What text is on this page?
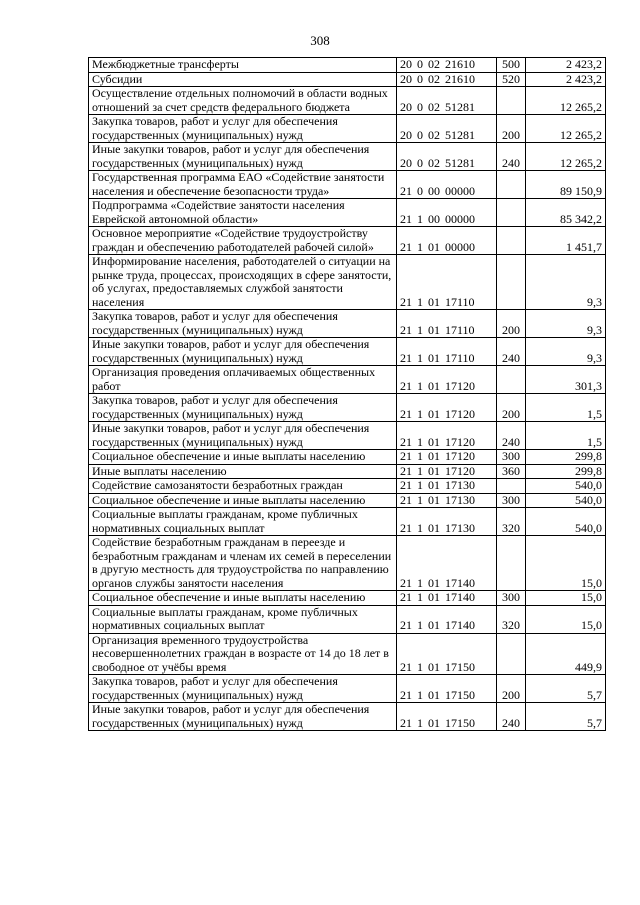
308
Межбюджетные трансферты	20 0 02 21610	500	2 423,2
Субсидии	20 0 02 21610	520	2 423,2
Осуществление отдельных полномочий в области водных отношений за счет средств федерального бюджета	20 0 02 51281		12 265,2
Закупка товаров, работ и услуг для обеспечения государственных (муниципальных) нужд	20 0 02 51281	200	12 265,2
Иные закупки товаров, работ и услуг для обеспечения государственных (муниципальных) нужд	20 0 02 51281	240	12 265,2
Государственная программа ЕАО «Содействие занятости населения и обеспечение безопасности труда»	21 0 00 00000		89 150,9
Подпрограмма «Содействие занятости населения Еврейской автономной области»	21 1 00 00000		85 342,2
Основное мероприятие «Содействие трудоустройству граждан и обеспечению работодателей рабочей силой»	21 1 01 00000		1 451,7
Информирование населения, работодателей о ситуации на рынке труда, процессах, происходящих в сфере занятости, об услугах, предоставляемых службой занятости населения	21 1 01 17110		9,3
Закупка товаров, работ и услуг для обеспечения государственных (муниципальных) нужд	21 1 01 17110	200	9,3
Иные закупки товаров, работ и услуг для обеспечения государственных (муниципальных) нужд	21 1 01 17110	240	9,3
Организация проведения оплачиваемых общественных работ	21 1 01 17120		301,3
Закупка товаров, работ и услуг для обеспечения государственных (муниципальных) нужд	21 1 01 17120	200	1,5
Иные закупки товаров, работ и услуг для обеспечения государственных (муниципальных) нужд	21 1 01 17120	240	1,5
Социальное обеспечение и иные выплаты населению	21 1 01 17120	300	299,8
Иные выплаты населению	21 1 01 17120	360	299,8
Содействие самозанятости безработных граждан	21 1 01 17130		540,0
Социальное обеспечение и иные выплаты населению	21 1 01 17130	300	540,0
Социальные выплаты гражданам, кроме публичных нормативных социальных выплат	21 1 01 17130	320	540,0
Содействие безработным гражданам в переезде и безработным гражданам и членам их семей в переселении в другую местность для трудоустройства по направлению органов службы занятости населения	21 1 01 17140		15,0
Социальное обеспечение и иные выплаты населению	21 1 01 17140	300	15,0
Социальные выплаты гражданам, кроме публичных нормативных социальных выплат	21 1 01 17140	320	15,0
Организация временного трудоустройства несовершеннолетних граждан в возрасте от 14 до 18 лет в свободное от учёбы время	21 1 01 17150		449,9
Закупка товаров, работ и услуг для обеспечения государственных (муниципальных) нужд	21 1 01 17150	200	5,7
Иные закупки товаров, работ и услуг для обеспечения государственных (муниципальных) нужд	21 1 01 17150	240	5,7
